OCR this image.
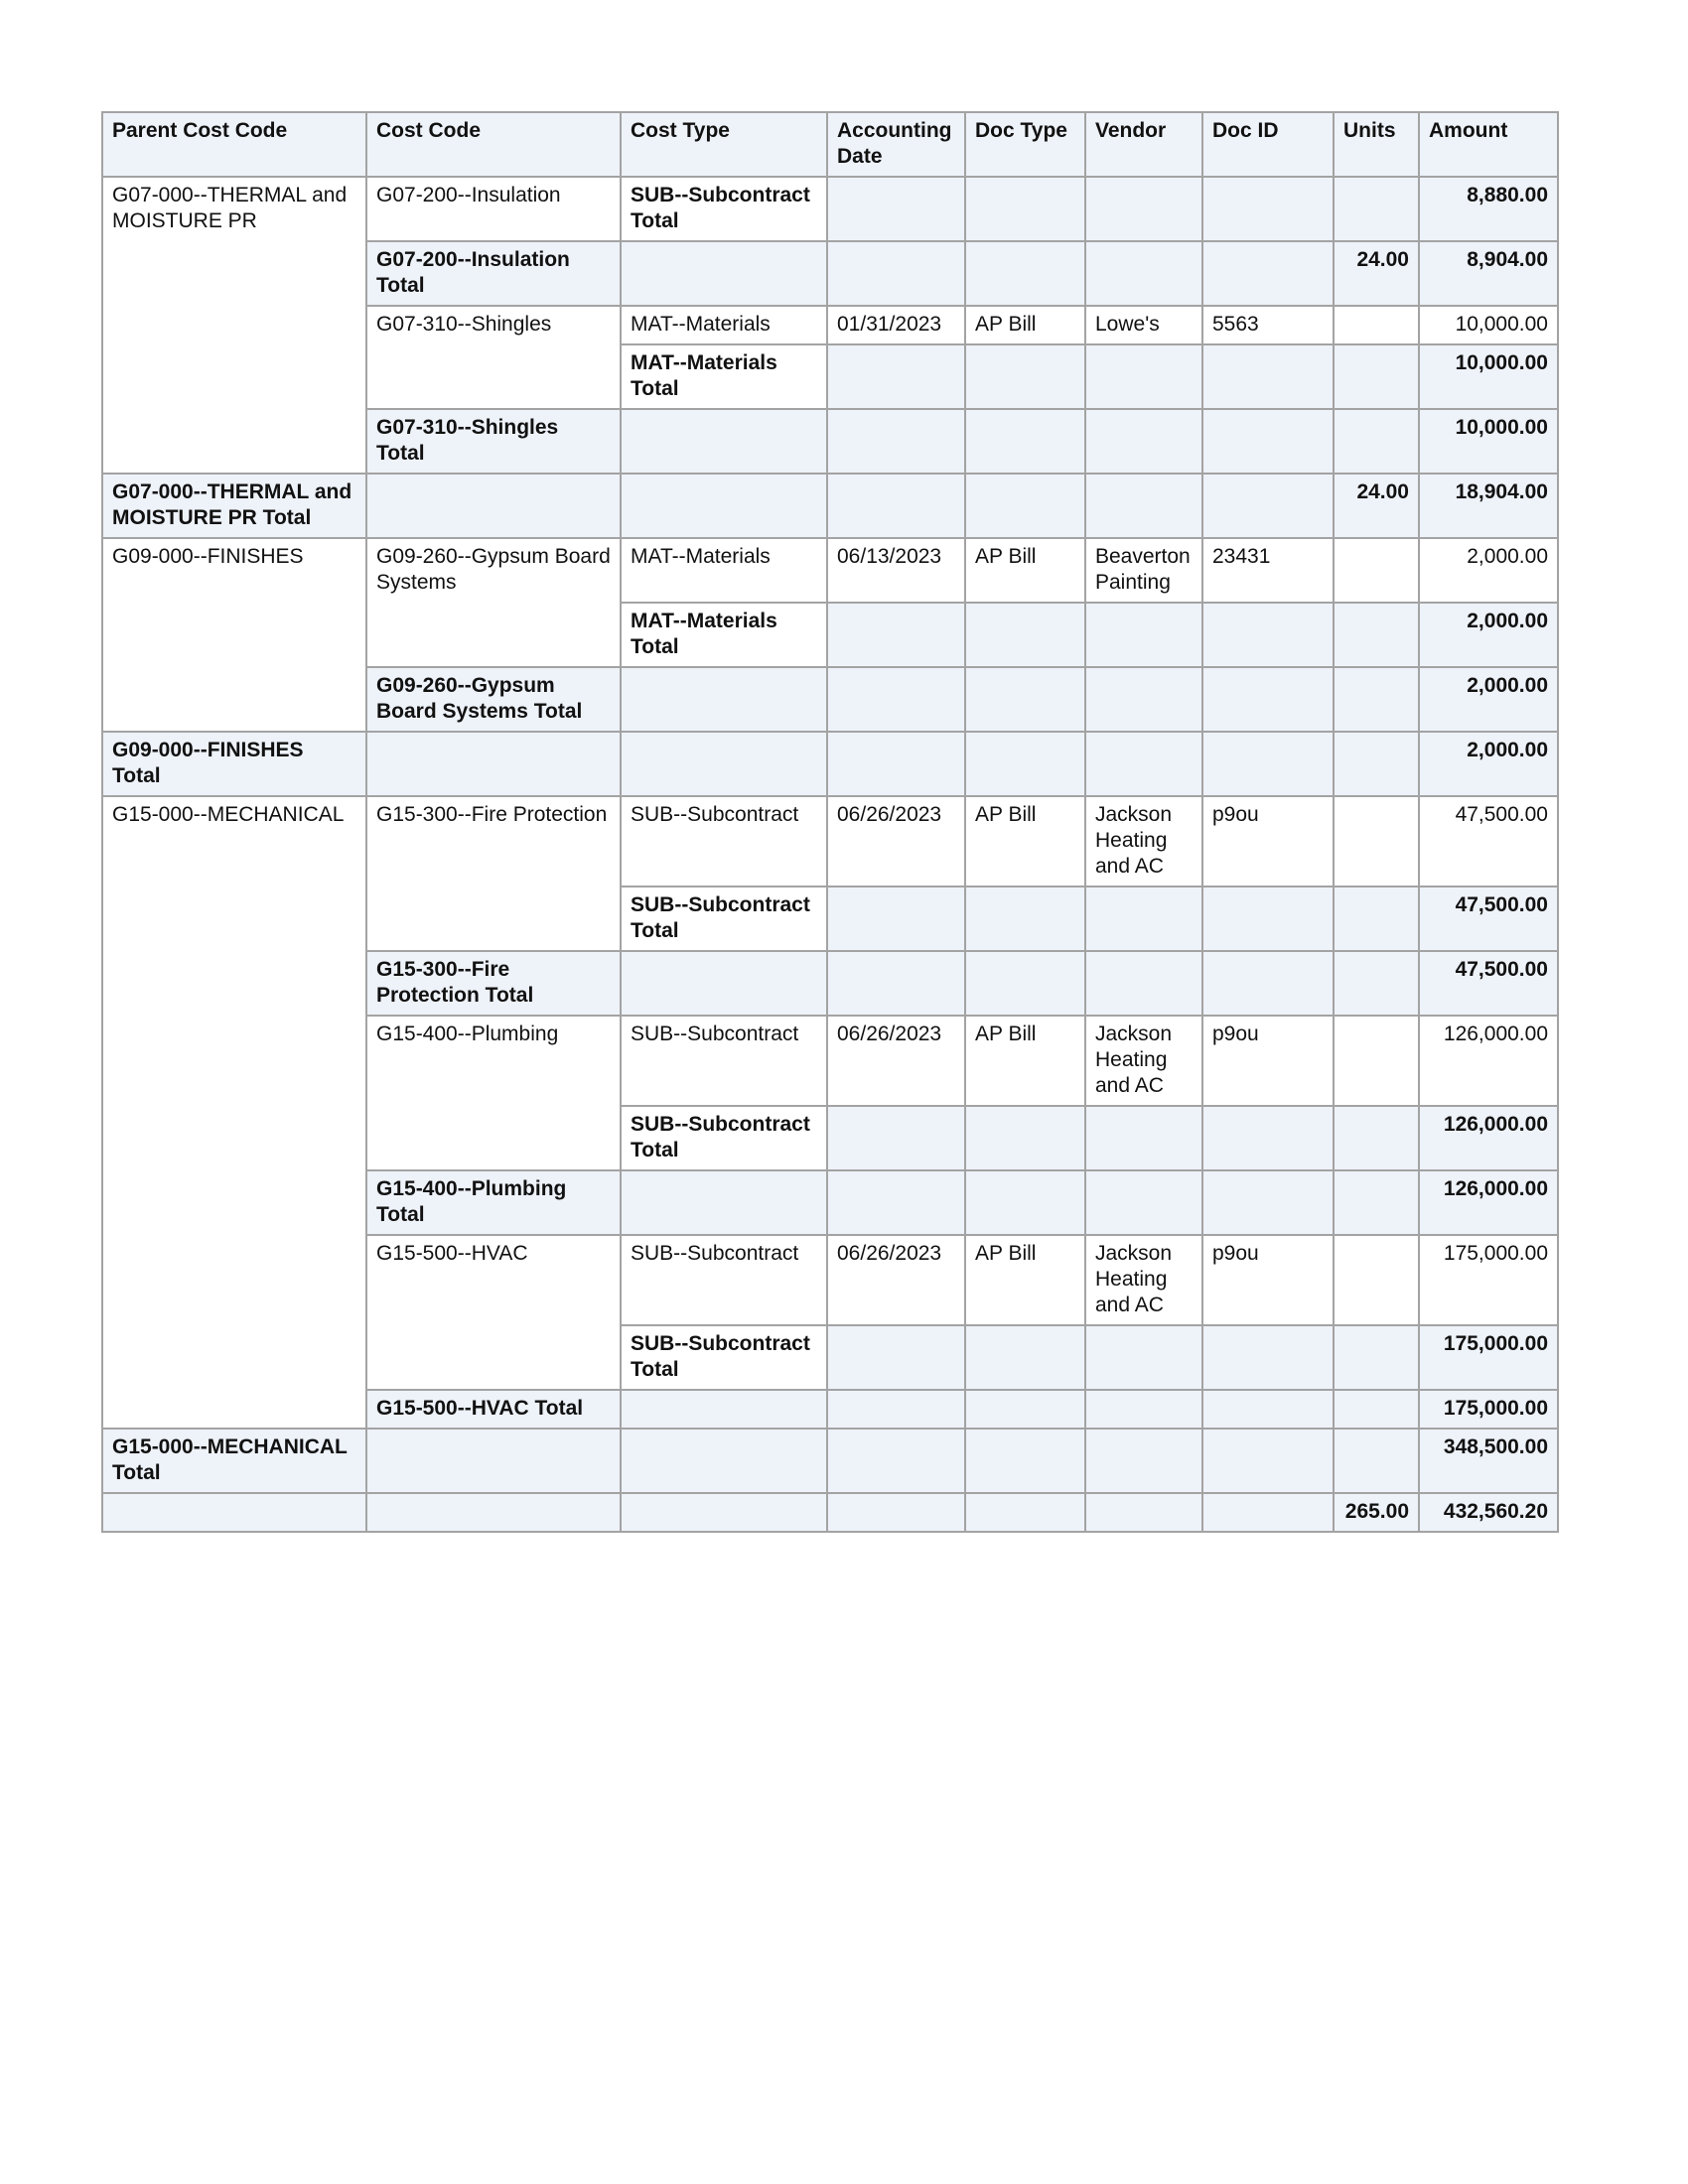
Parent Cost Code	Cost Code	Cost Type	Accounting Date	Doc Type	Vendor	Doc ID	Units	Amount
G07-000--THERMAL and MOISTURE PR	G07-200--Insulation	SUB--Subcontract Total						8,880.00
	G07-200--Insulation Total						24.00	8,904.00
	G07-310--Shingles	MAT--Materials	01/31/2023	AP Bill	Lowe's	5563		10,000.00
		MAT--Materials Total						10,000.00
	G07-310--Shingles Total							10,000.00
G07-000--THERMAL and MOISTURE PR Total							24.00	18,904.00
G09-000--FINISHES	G09-260--Gypsum Board Systems	MAT--Materials	06/13/2023	AP Bill	Beaverton Painting	23431		2,000.00
		MAT--Materials Total						2,000.00
	G09-260--Gypsum Board Systems Total							2,000.00
G09-000--FINISHES Total								2,000.00
G15-000--MECHANICAL	G15-300--Fire Protection	SUB--Subcontract	06/26/2023	AP Bill	Jackson Heating and AC	p9ou		47,500.00
		SUB--Subcontract Total						47,500.00
	G15-300--Fire Protection Total							47,500.00
	G15-400--Plumbing	SUB--Subcontract	06/26/2023	AP Bill	Jackson Heating and AC	p9ou		126,000.00
		SUB--Subcontract Total						126,000.00
	G15-400--Plumbing Total							126,000.00
	G15-500--HVAC	SUB--Subcontract	06/26/2023	AP Bill	Jackson Heating and AC	p9ou		175,000.00
		SUB--Subcontract Total						175,000.00
	G15-500--HVAC Total							175,000.00
G15-000--MECHANICAL Total								348,500.00
							265.00	432,560.20
